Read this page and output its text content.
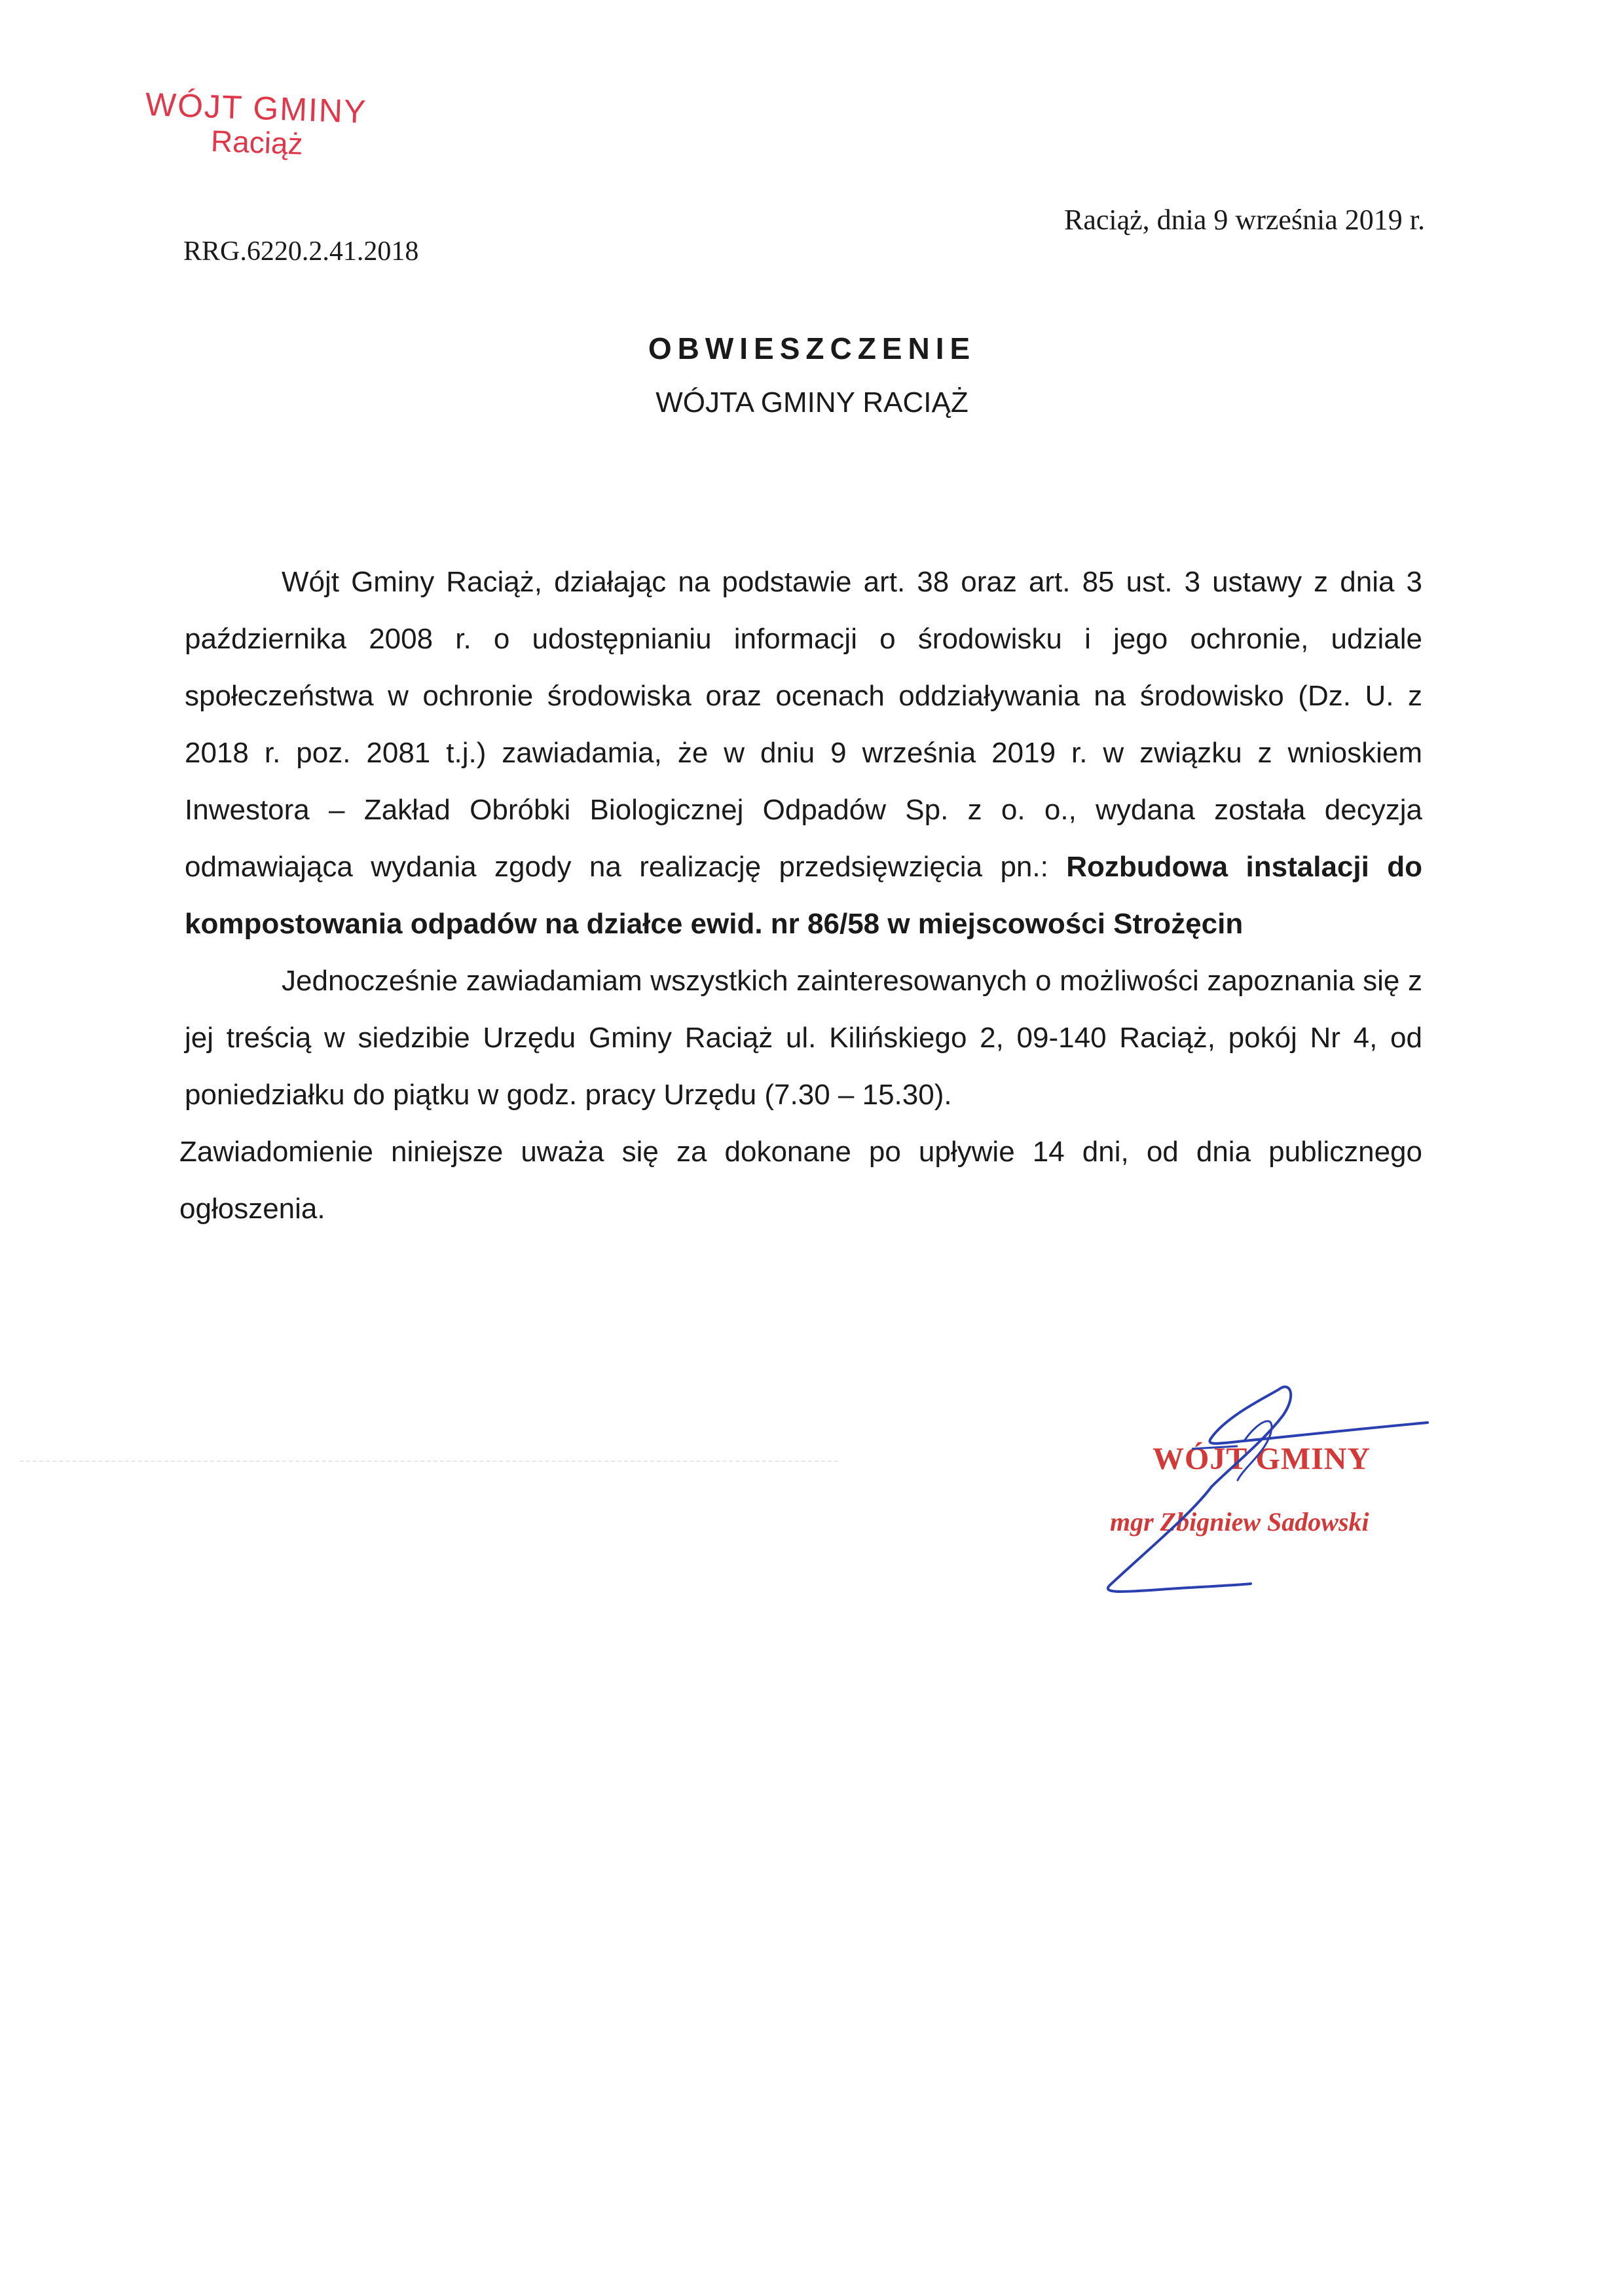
WÓJT GMINY
Raciąż
Raciąż, dnia 9 września 2019 r.
RRG.6220.2.41.2018
OBWIESZCZENIE
WÓJTA GMINY RACIĄŻ

Wójt Gminy Raciąż, działając na podstawie art. 38 oraz art. 85 ust. 3 ustawy z dnia 3 października 2008 r. o udostępnianiu informacji o środowisku i jego ochronie, udziale społeczeństwa w ochronie środowiska oraz ocenach oddziaływania na środowisko (Dz. U. z 2018 r. poz. 2081 t.j.) zawiadamia, że w dniu 9 września 2019 r. w związku z wnioskiem Inwestora – Zakład Obróbki Biologicznej Odpadów Sp. z o. o., wydana została decyzja odmawiająca wydania zgody na realizację przedsięwzięcia pn.: Rozbudowa instalacji do kompostowania odpadów na działce ewid. nr 86/58 w miejscowości Strożęcin

Jednocześnie zawiadamiam wszystkich zainteresowanych o możliwości zapoznania się z jej treścią w siedzibie Urzędu Gminy Raciąż ul. Kilińskiego 2, 09-140 Raciąż, pokój Nr 4, od poniedziałku do piątku w godz. pracy Urzędu (7.30 – 15.30).

Zawiadomienie niniejsze uważa się za dokonane po upływie 14 dni, od dnia publicznego ogłoszenia.

WÓJT GMINY
mgr Zbigniew Sadowski
